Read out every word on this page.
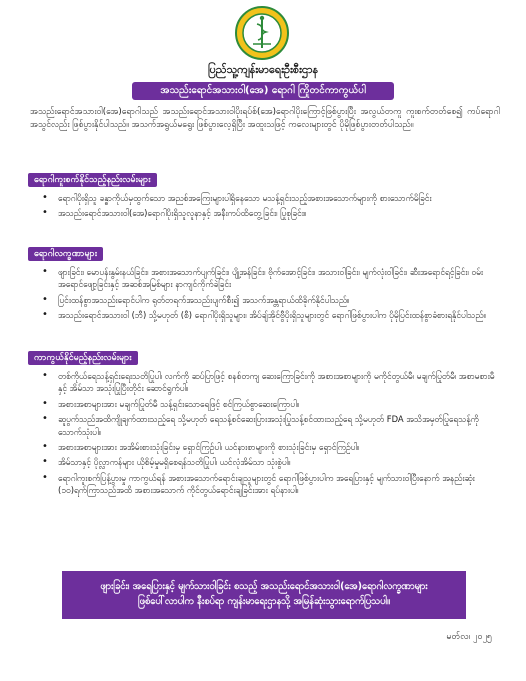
ပြည်သူ့ကျန်းမာရေးဦးစီးဌာန
အသည်းရောင်အသားဝါ(အေ) ရောဂါ ကြိုတင်ကာကွယ်ပါ
အသည်းရောင်အသားဝါ(အေ)ရောဂါသည် အသည်းရောင်အသားဝါပိုးရပ်စ်(အေ)ရောဂါပိုးကြောင့်ဖြစ်ပွားပြီး အလွယ်တကူ ကူးစက်တတ်စေ၍ ကပ်ရောဂါအသွင်လည်း ဖြစ်ပွားနိုင်ပါသည်။ အသက်အရွယ်မရွေး ဖြစ်ပွားလေ့ရှိပြီး အထူးသဖြင့် ကလေးများတွင် ပိုမိုဖြစ်ပွားတတ်ပါသည်။
ရောဂါကူးစက်နိုင်သည့်နည်းလမ်းများ
• ရောဂါပိုးရှိသူ ခန္ဓာကိုယ်မှထွက်သော အညစ်အကြေးများပါရှိနေသော မသန့်ရှင်းသည့်အစားအသောက်များကို စားသောက်မိခြင်း
• အသည်းရောင်အသားဝါ(အေ)ရောဂါပိုးရှိသူလူနာနှင့် အနီးကပ်ထိတွေ့ခြင်း၊ ပြုစုခြင်း။
ရောဂါလက္ခဏာများ
• ဖျားခြင်း၊ မောပန်းနွမ်းနယ်ခြင်း၊ အစားအသောက်ပျက်ခြင်း၊ ပျို့အန်ခြင်း၊ ဗိုက်အောင့်ခြင်း၊ အသားဝါခြင်း၊ မျက်လုံးဝါခြင်း၊ ဆီးအရောင်ရင့်ခြင်း၊ ဝမ်းအရောင်ဖျော့ခြင်းနှင့် အဆစ်အမြစ်များ နာကျင်ကိုက်ခဲခြင်း
• ပြင်းထန်စွာအသည်းရောင်ပါက ရုတ်တရက်အသည်းပျက်စီး၍ အသက်အန္တရာယ်ထိခိုက်နိုင်ပါသည်။
• အသည်းရောင်အသားဝါ (ဘီ) သို့မဟုတ် (စီ) ရောဂါပိုးရှိသူများ၊ အိပ်ချ်အိုင်ဗွီပိုးရှိသူများတွင် ရောဂါဖြစ်ပွားပါက ပိုမိုပြင်းထန်စွာခံစားရနိုင်ပါသည်။
ကာကွယ်နိုင်မည့်နည်းလမ်းများ
• တစ်ကိုယ်ရေသန့်ရှင်းရေးသတိပြုပါ၊ လက်ကို ဆပ်ပြာဖြင့် စနစ်တကျ ဆေးကြောခြင်းကို အစားအစာများကို မကိုင်တွယ်မီ၊ မချက်ပြုတ်မီ၊ အစာမစားမီနှင့် အိမ်သာ အသုံးပြုပြီးတိုင်း ဆောင်ရွက်ပါ။
• အစားအစာများအား မချက်ပြုတ်မီ သန့်ရှင်းသောရေဖြင့် စင်ကြယ်စွာဆေးကြောပါ။
• ဆူပွက်သည်အထိကျိုချက်ထားသည့်ရေ သို့မဟုတ် ရေသန့်စင်ဆေးပြားအသုံးပြုသန့်စင်ထားသည့်ရေ သို့မဟုတ် FDA အသိအမှတ်ပြုရေသန့်ကို သောက်သုံးပါ။
• အစားအစာများအား အအိမ်းစားသုံးခြင်းမှ ရှောင်ကြဉ်ပါ၊ ယင်နားစာများကို စားသုံးခြင်းမှ ရှောင်ကြဉ်ပါ။
• အိမ်သာနှင့် ပိုလ္လာကန်များ ယိုစိမ့်မှုမရှိစေရန်သတိပြုပါ၊ ယင်လုံအိမ်သာ သုံးစွဲပါ။
• ရောဂါကူးစက်ပြန့်ပွားမှု ကာကွယ်ရန် အစားအသောက်ရောင်းချသူများတွင် ရောဂါဖြစ်ပွားပါက အရေပြားနှင့် မျက်သားဝါပြီးနောက် အနည်းဆုံး (၁၀)ရက်ကြာသည်အထိ အစားအသောက် ကိုင်တွယ်ရောင်းချခြင်းအား ရပ်နားပါ။
ဖျားခြင်း၊ အရေပြားနှင့် မျက်သားဝါခြင်း စသည့် အသည်းရောင်အသားဝါ(အေ)ရောဂါလက္ခဏာများ
ဖြစ်ပေါ်လာပါက နီးစပ်ရာ ကျန်းမာရေးဌာနသို့ အမြန်ဆုံးသွားရောက်ပြသပါ။
မတ်လ၊ ၂၀၂၅
